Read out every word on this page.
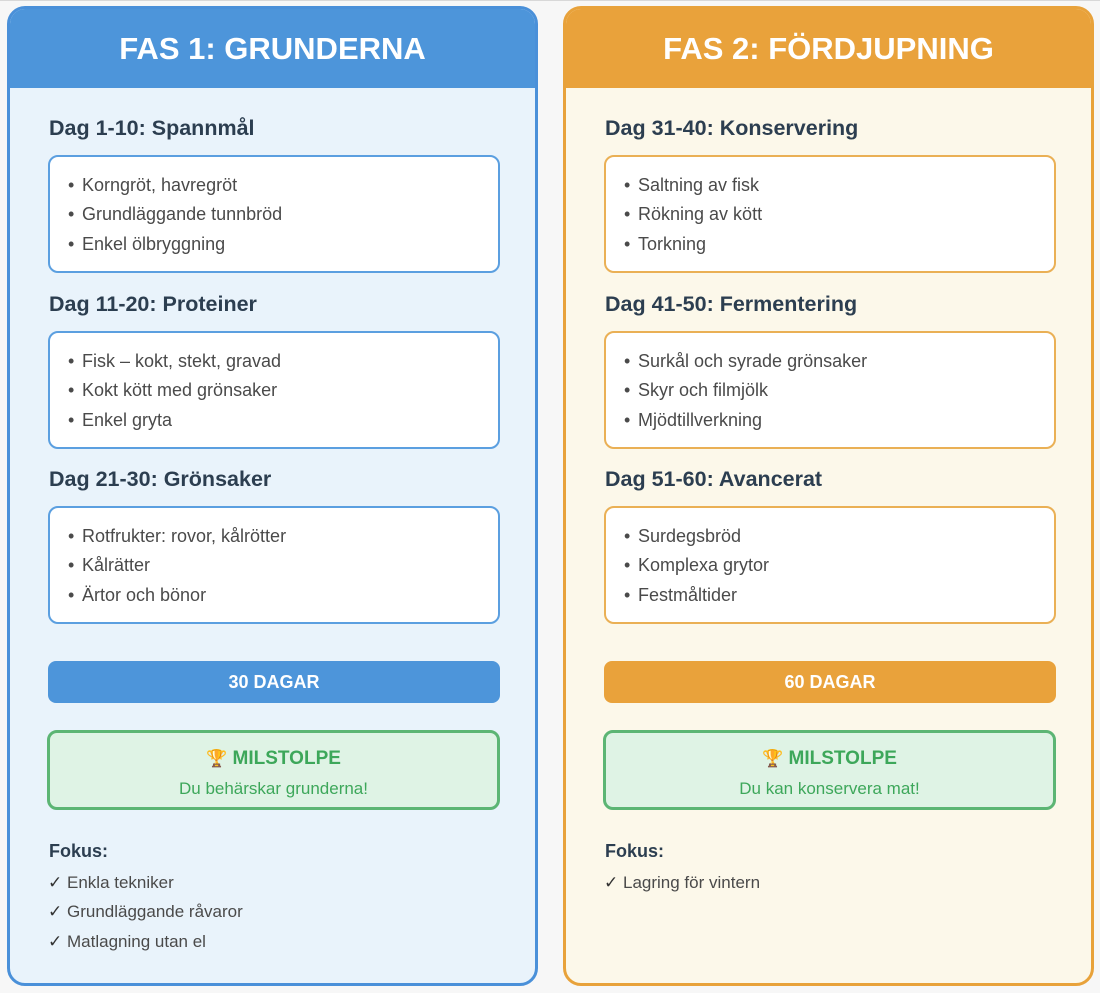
FAS 1: GRUNDERNA
Dag 1-10: Spannmål
• Korngröt, havregröt
• Grundläggande tunnbröd
• Enkel ölbryggning
Dag 11-20: Proteiner
• Fisk – kokt, stekt, gravad
• Kokt kött med grönsaker
• Enkel gryta
Dag 21-30: Grönsaker
• Rotfrukter: rovor, kålrötter
• Kålrätter
• Ärtor och bönor
30 DAGAR
🏆 MILSTOLPE
Du behärskar grunderna!
Fokus:
✓ Enkla tekniker
✓ Grundläggande råvaror
✓ Matlagning utan el
FAS 2: FÖRDJUPNING
Dag 31-40: Konservering
• Saltning av fisk
• Rökning av kött
• Torkning
Dag 41-50: Fermentering
• Surkål och syrade grönsaker
• Skyr och filmjölk
• Mjödtillverkning
Dag 51-60: Avancerat
• Surdegsbröd
• Komplexa grytor
• Festmåltider
60 DAGAR
🏆 MILSTOLPE
Du kan konservera mat!
Fokus:
✓ Lagring för vintern
